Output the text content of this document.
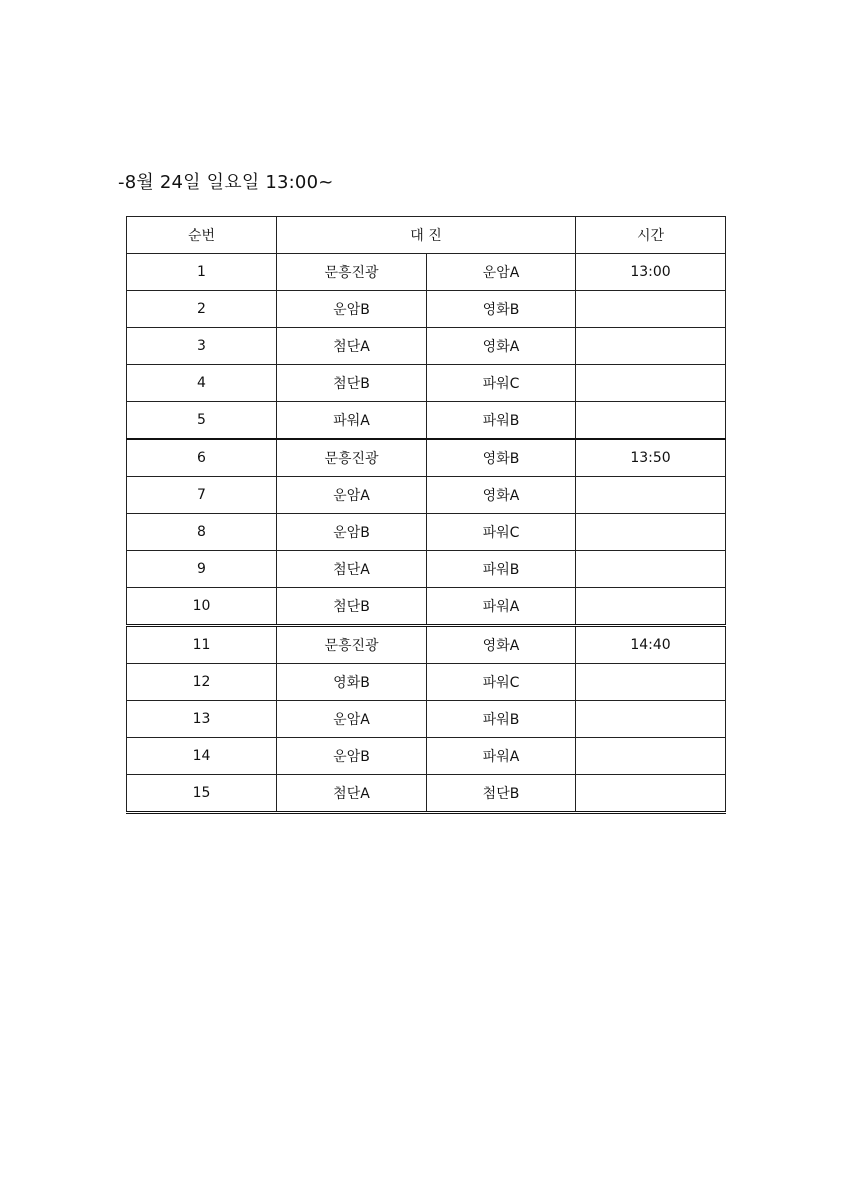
-8월 24일 일요일 13:00~
순번	대 진		시간
1	문흥진광	운암A	13:00
2	운암B	영화B	
3	첨단A	영화A	
4	첨단B	파워C	
5	파워A	파워B	
6	문흥진광	영화B	13:50
7	운암A	영화A	
8	운암B	파워C	
9	첨단A	파워B	
10	첨단B	파워A	
11	문흥진광	영화A	14:40
12	영화B	파워C	
13	운암A	파워B	
14	운암B	파워A	
15	첨단A	첨단B	
